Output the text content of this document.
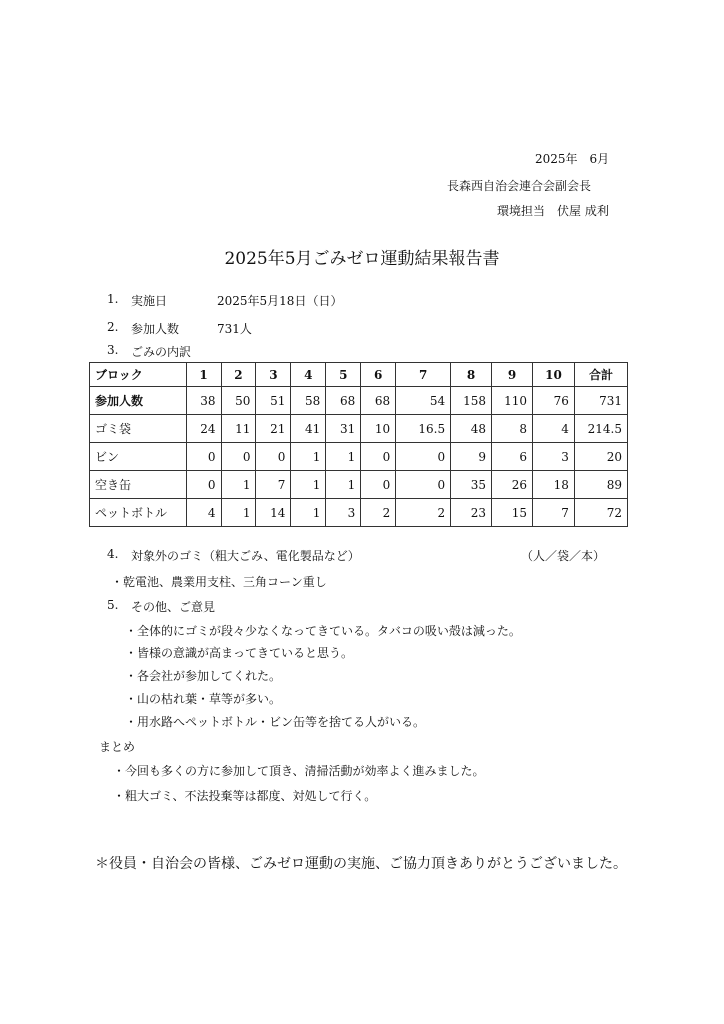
2025年　6月
長森西自治会連合会副会長
環境担当　伏屋 成利
2025年5月ごみゼロ運動結果報告書
1. 実施日	2025年5月18日（日）
2. 参加人数	731人
3. ごみの内訳
ブロック	1	2	3	4	5	6	7	8	9	10	合計
参加人数	38	50	51	58	68	68	54	158	110	76	731
ゴミ袋	24	11	21	41	31	10	16.5	48	8	4	214.5
ビン	0	0	0	1	1	0	0	9	6	3	20
空き缶	0	1	7	1	1	0	0	35	26	18	89
ペットボトル	4	1	14	1	3	2	2	23	15	7	72
4. 対象外のゴミ（粗大ごみ、電化製品など）	（人／袋／本）
・乾電池、農業用支柱、三角コーン重し
5. その他、ご意見
・全体的にゴミが段々少なくなってきている。タバコの吸い殻は減った。
・皆様の意識が高まってきていると思う。
・各会社が参加してくれた。
・山の枯れ葉・草等が多い。
・用水路へペットボトル・ビン缶等を捨てる人がいる。
まとめ
・今回も多くの方に参加して頂き、清掃活動が効率よく進みました。
・粗大ゴミ、不法投棄等は都度、対処して行く。
＊役員・自治会の皆様、ごみゼロ運動の実施、ご協力頂きありがとうございました。
